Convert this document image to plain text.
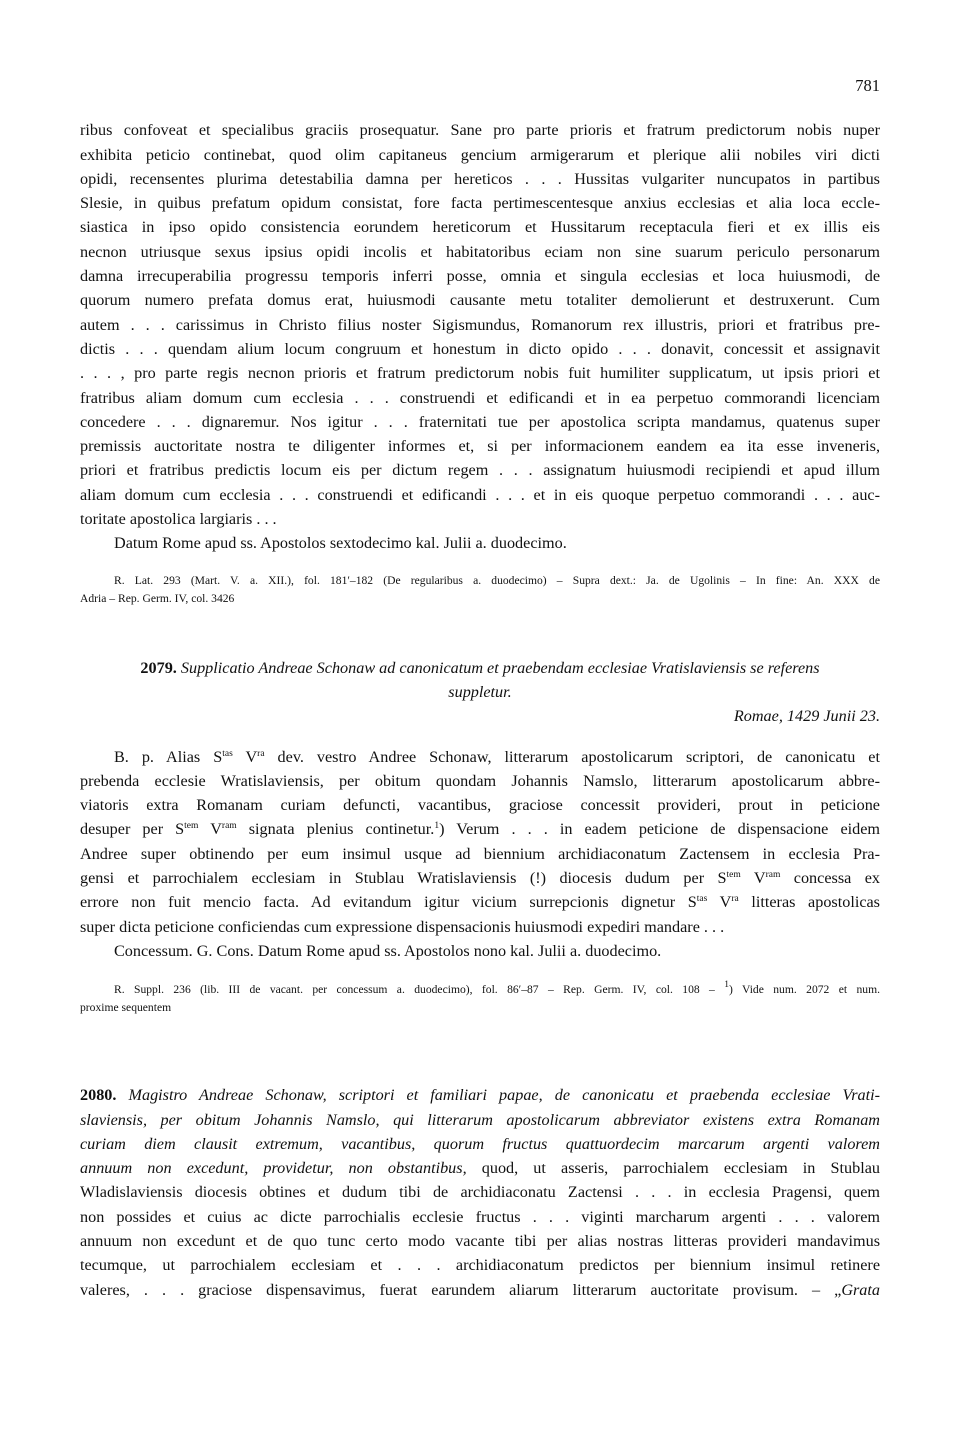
781
ribus confoveat et specialibus graciis prosequatur. Sane pro parte prioris et fratrum predictorum nobis nuper
exhibita peticio continebat, quod olim capitaneus gencium armigerarum et plerique alii nobiles viri dicti
opidi, recensentes plurima detestabilia damna per hereticos . . . Hussitas vulgariter nuncupatos in partibus
Slesie, in quibus prefatum opidum consistat, fore facta pertimescentesque anxius ecclesias et alia loca eccle-
siastica in ipso opido consistencia eorundem hereticorum et Hussitarum receptacula fieri et ex illis eis
necnon utriusque sexus ipsius opidi incolis et habitatoribus eciam non sine suarum periculo personarum
damna irrecuperabilia progressu temporis inferri posse, omnia et singula ecclesias et loca huiusmodi, de
quorum numero prefata domus erat, huiusmodi causante metu totaliter demolierunt et destruxerunt. Cum
autem . . . carissimus in Christo filius noster Sigismundus, Romanorum rex illustris, priori et fratribus pre-
dictis . . . quendam alium locum congruum et honestum in dicto opido . . . donavit, concessit et assignavit
. . . , pro parte regis necnon prioris et fratrum predictorum nobis fuit humiliter supplicatum, ut ipsis priori et
fratribus aliam domum cum ecclesia . . . construendi et edificandi et in ea perpetuo commorandi licenciam
concedere . . . dignaremur. Nos igitur . . . fraternitati tue per apostolica scripta mandamus, quatenus super
premissis auctoritate nostra te diligenter informes et, si per informacionem eandem ea ita esse inveneris,
priori et fratribus predictis locum eis per dictum regem . . . assignatum huiusmodi recipiendi et apud illum
aliam domum cum ecclesia . . . construendi et edificandi . . . et in eis quoque perpetuo commorandi . . . auc-
toritate apostolica largiaris . . .
Datum Rome apud ss. Apostolos sextodecimo kal. Julii a. duodecimo.
R. Lat. 293 (Mart. V. a. XII.), fol. 181′–182 (De regularibus a. duodecimo) – Supra dext.: Ja. de Ugolinis – In fine: An. XXX de
Adria – Rep. Germ. IV, col. 3426
2079. Supplicatio Andreae Schonaw ad canonicatum et praebendam ecclesiae Vratislaviensis se referens
suppletur.
Romae, 1429 Junii 23.
B. p. Alias $S^{tas}$ $V^{ra}$ dev. vestro Andree Schonaw, litterarum apostolicarum scriptori, de canonicatu et
prebenda ecclesie Wratislaviensis, per obitum quondam Johannis Namslo, litterarum apostolicarum abbre-
viatoris extra Romanam curiam defuncti, vacantibus, graciose concessit provideri, prout in peticione
desuper per $S^{tem}$ $V^{ram}$ signata plenius continetur.$^1$) Verum . . . in eadem peticione de dispensacione eidem
Andree super obtinendo per eum insimul usque ad biennium archidiaconatum Zactensem in ecclesia Pra-
gensi et parrochialem ecclesiam in Stublau Wratislaviensis (!) diocesis dudum per $S^{tem}$ $V^{ram}$ concessa ex
errore non fuit mencio facta. Ad evitandum igitur vicium surrepcionis dignetur $S^{tas}$ $V^{ra}$ litteras apostolicas
super dicta peticione conficiendas cum expressione dispensacionis huiusmodi expediri mandare . . .
Concessum. G. Cons. Datum Rome apud ss. Apostolos nono kal. Julii a. duodecimo.
R. Suppl. 236 (lib. III de vacant. per concessum a. duodecimo), fol. 86′–87 – Rep. Germ. IV, col. 108 – $^1$) Vide num. 2072 et num.
proxime sequentem
2080. Magistro Andreae Schonaw, scriptori et familiari papae, de canonicatu et praebenda ecclesiae Vrati-
slaviensis, per obitum Johannis Namslo, qui litterarum apostolicarum abbreviator existens extra Romanam
curiam diem clausit extremum, vacantibus, quorum fructus quattuordecim marcarum argenti valorem
annuum non excedunt, providetur, non obstantibus, quod, ut asseris, parrochialem ecclesiam in Stublau
Wladislaviensis diocesis obtines et dudum tibi de archidiaconatu Zactensi . . . in ecclesia Pragensi, quem
non possides et cuius ac dicte parrochialis ecclesie fructus . . . viginti marcharum argenti . . . valorem
annuum non excedunt et de quo tunc certo modo vacante tibi per alias nostras litteras provideri mandavimus
tecumque, ut parrochialem ecclesiam et . . . archidiaconatum predictos per biennium insimul retinere
valeres, . . . graciose dispensavimus, fuerat earundem aliarum litterarum auctoritate provisum. – „Grata
